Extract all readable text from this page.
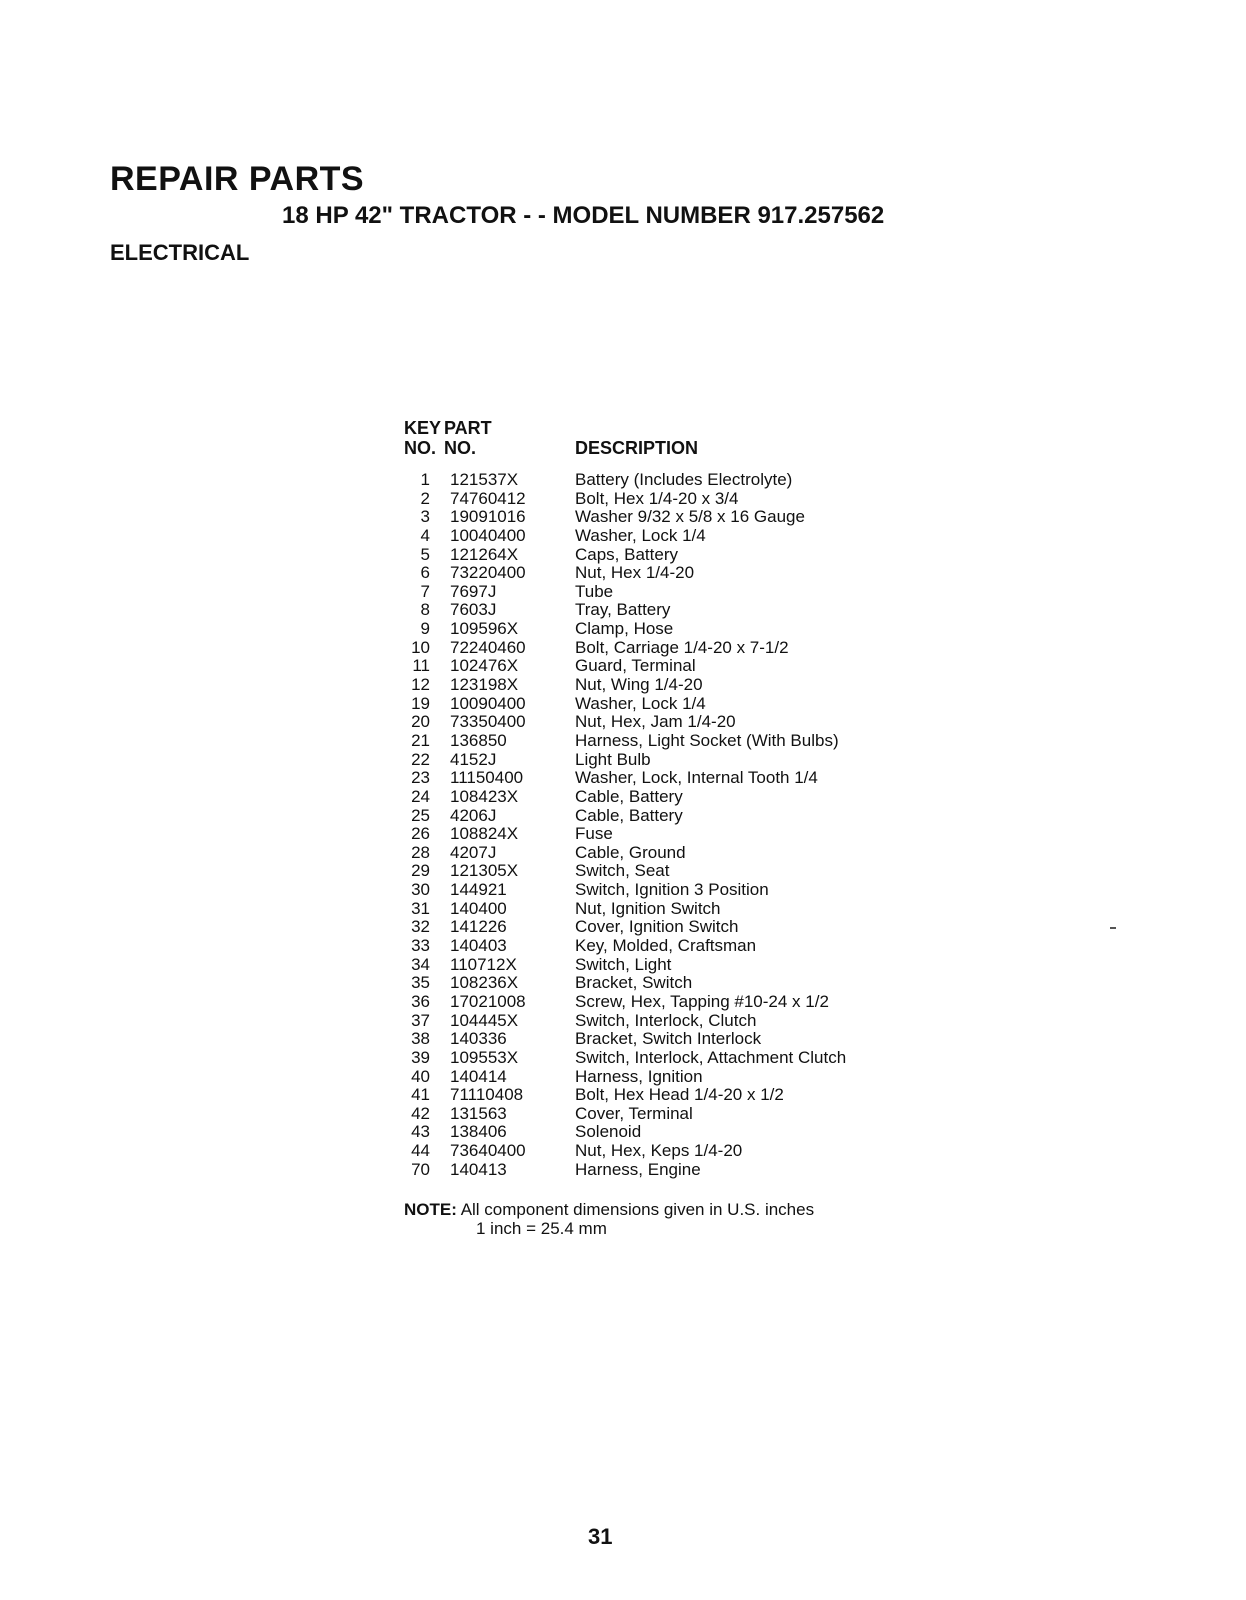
REPAIR PARTS
18 HP 42" TRACTOR - - MODEL NUMBER 917.257562
ELECTRICAL
KEY PART
NO. NO.	DESCRIPTION
1 121537X	Battery (Includes Electrolyte)
2 74760412	Bolt, Hex 1/4-20 x 3/4
3 19091016	Washer 9/32 x 5/8 x 16 Gauge
4 10040400	Washer, Lock 1/4
5 121264X	Caps, Battery
6 73220400	Nut, Hex 1/4-20
7 7697J	Tube
8 7603J	Tray, Battery
9 109596X	Clamp, Hose
10 72240460	Bolt, Carriage 1/4-20 x 7-1/2
11 102476X	Guard, Terminal
12 123198X	Nut, Wing 1/4-20
19 10090400	Washer, Lock 1/4
20 73350400	Nut, Hex, Jam 1/4-20
21 136850	Harness, Light Socket (With Bulbs)
22 4152J	Light Bulb
23 11150400	Washer, Lock, Internal Tooth 1/4
24 108423X	Cable, Battery
25 4206J	Cable, Battery
26 108824X	Fuse
28 4207J	Cable, Ground
29 121305X	Switch, Seat
30 144921	Switch, Ignition 3 Position
31 140400	Nut, Ignition Switch
32 141226	Cover, Ignition Switch
33 140403	Key, Molded, Craftsman
34 110712X	Switch, Light
35 108236X	Bracket, Switch
36 17021008	Screw, Hex, Tapping #10-24 x 1/2
37 104445X	Switch, Interlock, Clutch
38 140336	Bracket, Switch Interlock
39 109553X	Switch, Interlock, Attachment Clutch
40 140414	Harness, Ignition
41 71110408	Bolt, Hex Head 1/4-20 x 1/2
42 131563	Cover, Terminal
43 138406	Solenoid
44 73640400	Nut, Hex, Keps 1/4-20
70 140413	Harness, Engine
NOTE: All component dimensions given in U.S. inches
1 inch = 25.4 mm
31
